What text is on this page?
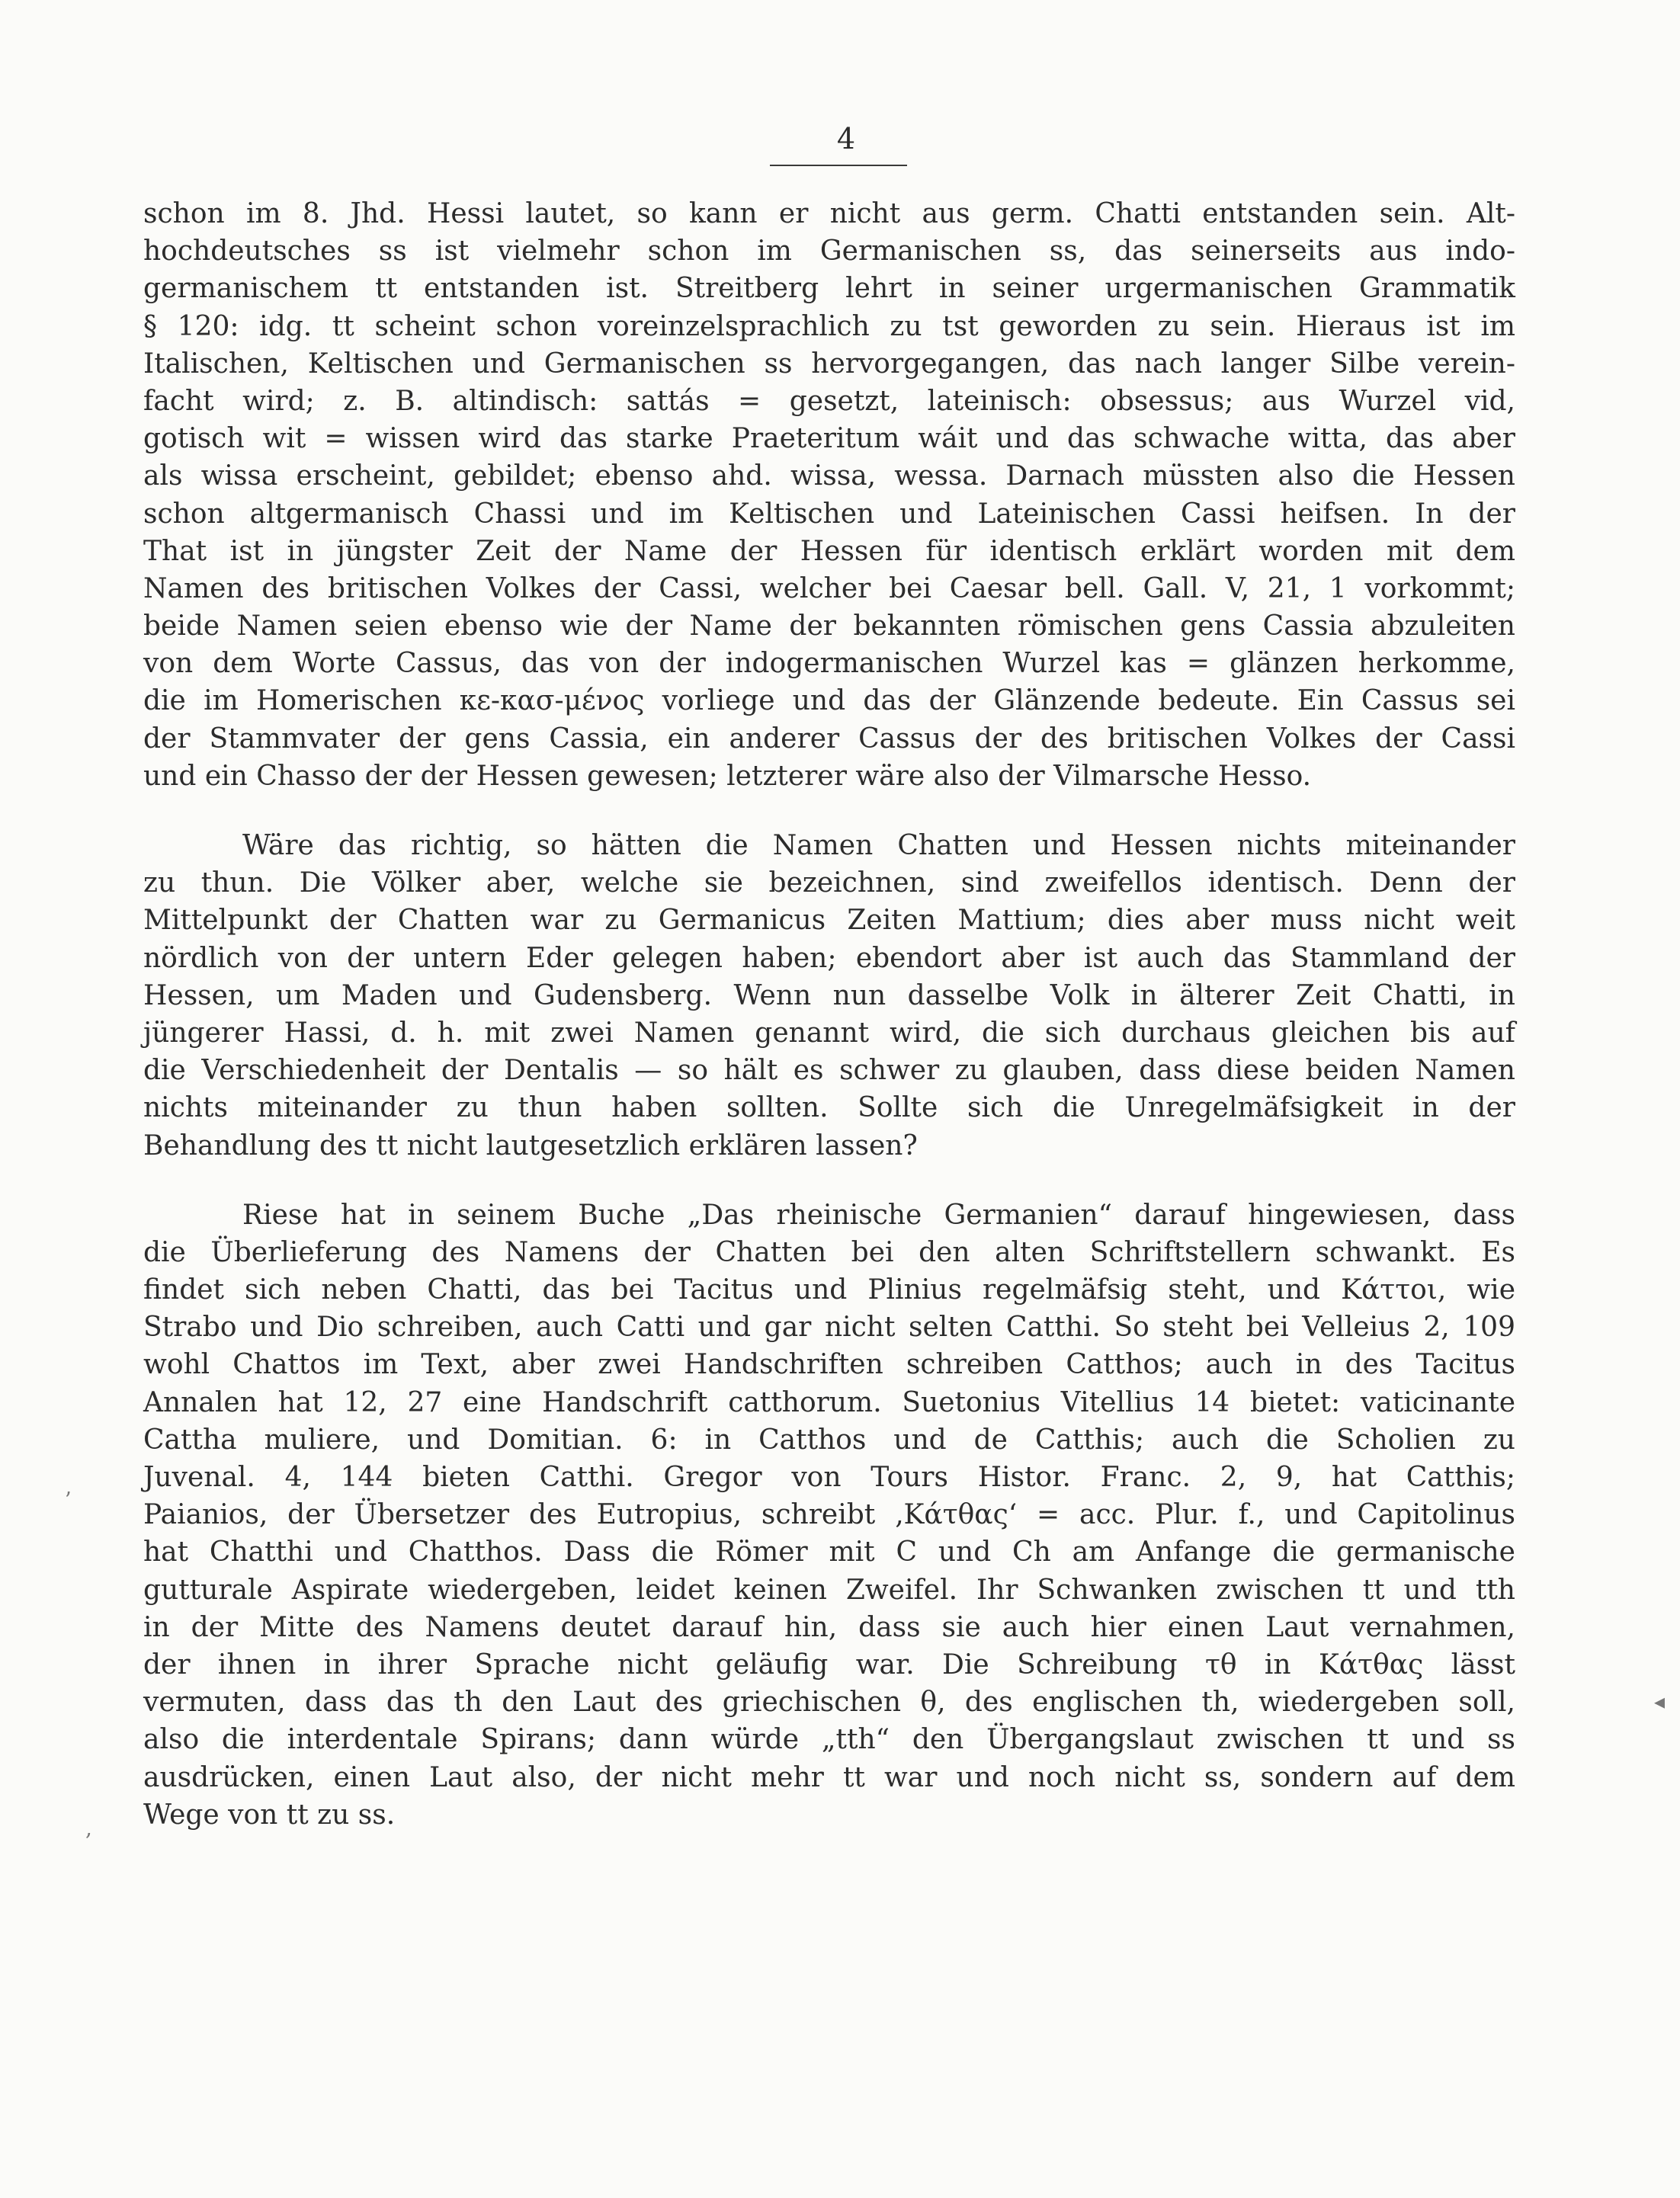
4
schon im 8. Jhd. Hessi lautet, so kann er nicht aus germ. Chatti entstanden sein. Alt-
hochdeutsches ss ist vielmehr schon im Germanischen ss, das seinerseits aus indo-
germanischem tt entstanden ist. Streitberg lehrt in seiner urgermanischen Grammatik
§ 120: idg. tt scheint schon voreinzelsprachlich zu tst geworden zu sein. Hieraus ist im
Italischen, Keltischen und Germanischen ss hervorgegangen, das nach langer Silbe verein-
facht wird; z. B. altindisch: sattás = gesetzt, lateinisch: obsessus; aus Wurzel vid,
gotisch wit = wissen wird das starke Praeteritum wáit und das schwache witta, das aber
als wissa erscheint, gebildet; ebenso ahd. wissa, wessa. Darnach müssten also die Hessen
schon altgermanisch Chassi und im Keltischen und Lateinischen Cassi heifsen. In der
That ist in jüngster Zeit der Name der Hessen für identisch erklärt worden mit dem
Namen des britischen Volkes der Cassi, welcher bei Caesar bell. Gall. V, 21, 1 vorkommt;
beide Namen seien ebenso wie der Name der bekannten römischen gens Cassia abzuleiten
von dem Worte Cassus, das von der indogermanischen Wurzel kas = glänzen herkomme,
die im Homerischen κε-κασ-μένος vorliege und das der Glänzende bedeute. Ein Cassus sei
der Stammvater der gens Cassia, ein anderer Cassus der des britischen Volkes der Cassi
und ein Chasso der der Hessen gewesen; letzterer wäre also der Vilmarsche Hesso.
Wäre das richtig, so hätten die Namen Chatten und Hessen nichts miteinander
zu thun. Die Völker aber, welche sie bezeichnen, sind zweifellos identisch. Denn der
Mittelpunkt der Chatten war zu Germanicus Zeiten Mattium; dies aber muss nicht weit
nördlich von der untern Eder gelegen haben; ebendort aber ist auch das Stammland der
Hessen, um Maden und Gudensberg. Wenn nun dasselbe Volk in älterer Zeit Chatti, in
jüngerer Hassi, d. h. mit zwei Namen genannt wird, die sich durchaus gleichen bis auf
die Verschiedenheit der Dentalis — so hält es schwer zu glauben, dass diese beiden Namen
nichts miteinander zu thun haben sollten. Sollte sich die Unregelmäfsigkeit in der
Behandlung des tt nicht lautgesetzlich erklären lassen?
Riese hat in seinem Buche „Das rheinische Germanien“ darauf hingewiesen, dass
die Überlieferung des Namens der Chatten bei den alten Schriftstellern schwankt. Es
findet sich neben Chatti, das bei Tacitus und Plinius regelmäfsig steht, und Κάττοι, wie
Strabo und Dio schreiben, auch Catti und gar nicht selten Catthi. So steht bei Velleius 2, 109
wohl Chattos im Text, aber zwei Handschriften schreiben Catthos; auch in des Tacitus
Annalen hat 12, 27 eine Handschrift catthorum. Suetonius Vitellius 14 bietet: vaticinante
Cattha muliere, und Domitian. 6: in Catthos und de Catthis; auch die Scholien zu
Juvenal. 4, 144 bieten Catthi. Gregor von Tours Histor. Franc. 2, 9, hat Catthis;
Paianios, der Übersetzer des Eutropius, schreibt ‚Κάτθας‘ = acc. Plur. f., und Capitolinus
hat Chatthi und Chatthos. Dass die Römer mit C und Ch am Anfange die germanische
gutturale Aspirate wiedergeben, leidet keinen Zweifel. Ihr Schwanken zwischen tt und tth
in der Mitte des Namens deutet darauf hin, dass sie auch hier einen Laut vernahmen,
der ihnen in ihrer Sprache nicht geläufig war. Die Schreibung τθ in Κάτθας lässt
vermuten, dass das th den Laut des griechischen θ, des englischen th, wiedergeben soll,
also die interdentale Spirans; dann würde „tth“ den Übergangslaut zwischen tt und ss
ausdrücken, einen Laut also, der nicht mehr tt war und noch nicht ss, sondern auf dem
Wege von tt zu ss.
ʼ
◂
,
